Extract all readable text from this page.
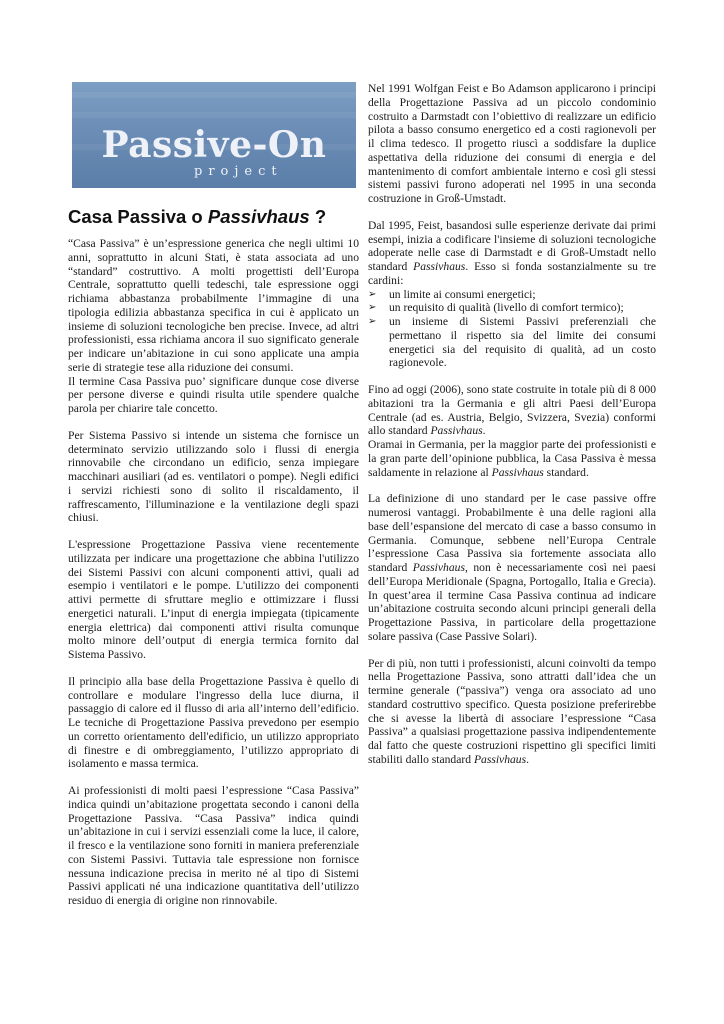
Passive-On
project
Casa Passiva o Passivhaus ?

“Casa Passiva” è un’espressione generica che negli ultimi 10 anni, soprattutto in alcuni Stati, è stata associata ad uno “standard” costruttivo. A molti progettisti dell’Europa Centrale, soprattutto quelli tedeschi, tale espressione oggi richiama abbastanza probabilmente l’immagine di una tipologia edilizia abbastanza specifica in cui è applicato un insieme di soluzioni tecnologiche ben precise. Invece, ad altri professionisti, essa richiama ancora il suo significato generale per indicare un’abitazione in cui sono applicate una ampia serie di strategie tese alla riduzione dei consumi.

Il termine Casa Passiva puo’ significare dunque cose diverse per persone diverse e quindi risulta utile spendere qualche parola per chiarire tale concetto.

Per Sistema Passivo si intende un sistema che fornisce un determinato servizio utilizzando solo i flussi di energia rinnovabile che circondano un edificio, senza impiegare macchinari ausiliari (ad es. ventilatori o pompe). Negli edifici i servizi richiesti sono di solito il riscaldamento, il raffrescamento, l'illuminazione e la ventilazione degli spazi chiusi.

L'espressione Progettazione Passiva viene recentemente utilizzata per indicare una progettazione che abbina l'utilizzo dei Sistemi Passivi con alcuni componenti attivi, quali ad esempio i ventilatori e le pompe. L'utilizzo dei componenti attivi permette di sfruttare meglio e ottimizzare i flussi energetici naturali. L’input di energia impiegata (tipicamente energia elettrica) dai componenti attivi risulta comunque molto minore dell’output di energia termica fornito dal Sistema Passivo.

Il principio alla base della Progettazione Passiva è quello di controllare e modulare l'ingresso della luce diurna, il passaggio di calore ed il flusso di aria all’interno dell’edificio. Le tecniche di Progettazione Passiva prevedono per esempio un corretto orientamento dell'edificio, un utilizzo appropriato di finestre e di ombreggiamento, l’utilizzo appropriato di isolamento e massa termica.

Ai professionisti di molti paesi l’espressione “Casa Passiva” indica quindi un’abitazione progettata secondo i canoni della Progettazione Passiva. “Casa Passiva” indica quindi un’abitazione in cui i servizi essenziali come la luce, il calore, il fresco e la ventilazione sono forniti in maniera preferenziale con Sistemi Passivi. Tuttavia tale espressione non fornisce nessuna indicazione precisa in merito né al tipo di Sistemi Passivi applicati né una indicazione quantitativa dell’utilizzo residuo di energia di origine non rinnovabile.

Nel 1991 Wolfgan Feist e Bo Adamson applicarono i principi della Progettazione Passiva ad un piccolo condominio costruito a Darmstadt con l’obiettivo di realizzare un edificio pilota a basso consumo energetico ed a costi ragionevoli per il clima tedesco. Il progetto riuscì a soddisfare la duplice aspettativa della riduzione dei consumi di energia e del mantenimento di comfort ambientale interno e così gli stessi sistemi passivi furono adoperati nel 1995 in una seconda costruzione in Groß-Umstadt.

Dal 1995, Feist, basandosi sulle esperienze derivate dai primi esempi, inizia a codificare l'insieme di soluzioni tecnologiche adoperate nelle case di Darmstadt e di Groß-Umstadt nello standard Passivhaus. Esso si fonda sostanzialmente su tre cardini:

➢ un limite ai consumi energetici;
➢ un requisito di qualità (livello di comfort termico);
➢ un insieme di Sistemi Passivi preferenziali che permettano il rispetto sia del limite dei consumi energetici sia del requisito di qualità, ad un costo ragionevole.

Fino ad oggi (2006), sono state costruite in totale più di 8 000 abitazioni tra la Germania e gli altri Paesi dell’Europa Centrale (ad es. Austria, Belgio, Svizzera, Svezia) conformi allo standard Passivhaus.

Oramai in Germania, per la maggior parte dei professionisti e la gran parte dell’opinione pubblica, la Casa Passiva è messa saldamente in relazione al Passivhaus standard.

La definizione di uno standard per le case passive offre numerosi vantaggi. Probabilmente è una delle ragioni alla base dell’espansione del mercato di case a basso consumo in Germania. Comunque, sebbene nell’Europa Centrale l’espressione Casa Passiva sia fortemente associata allo standard Passivhaus, non è necessariamente così nei paesi dell’Europa Meridionale (Spagna, Portogallo, Italia e Grecia). In quest’area il termine Casa Passiva continua ad indicare un’abitazione costruita secondo alcuni principi generali della Progettazione Passiva, in particolare della progettazione solare passiva (Case Passive Solari).

Per di più, non tutti i professionisti, alcuni coinvolti da tempo nella Progettazione Passiva, sono attratti dall’idea che un termine generale (“passiva”) venga ora associato ad uno standard costruttivo specifico. Questa posizione preferirebbe che si avesse la libertà di associare l’espressione “Casa Passiva” a qualsiasi progettazione passiva indipendentemente dal fatto che queste costruzioni rispettino gli specifici limiti stabiliti dallo standard Passivhaus.
